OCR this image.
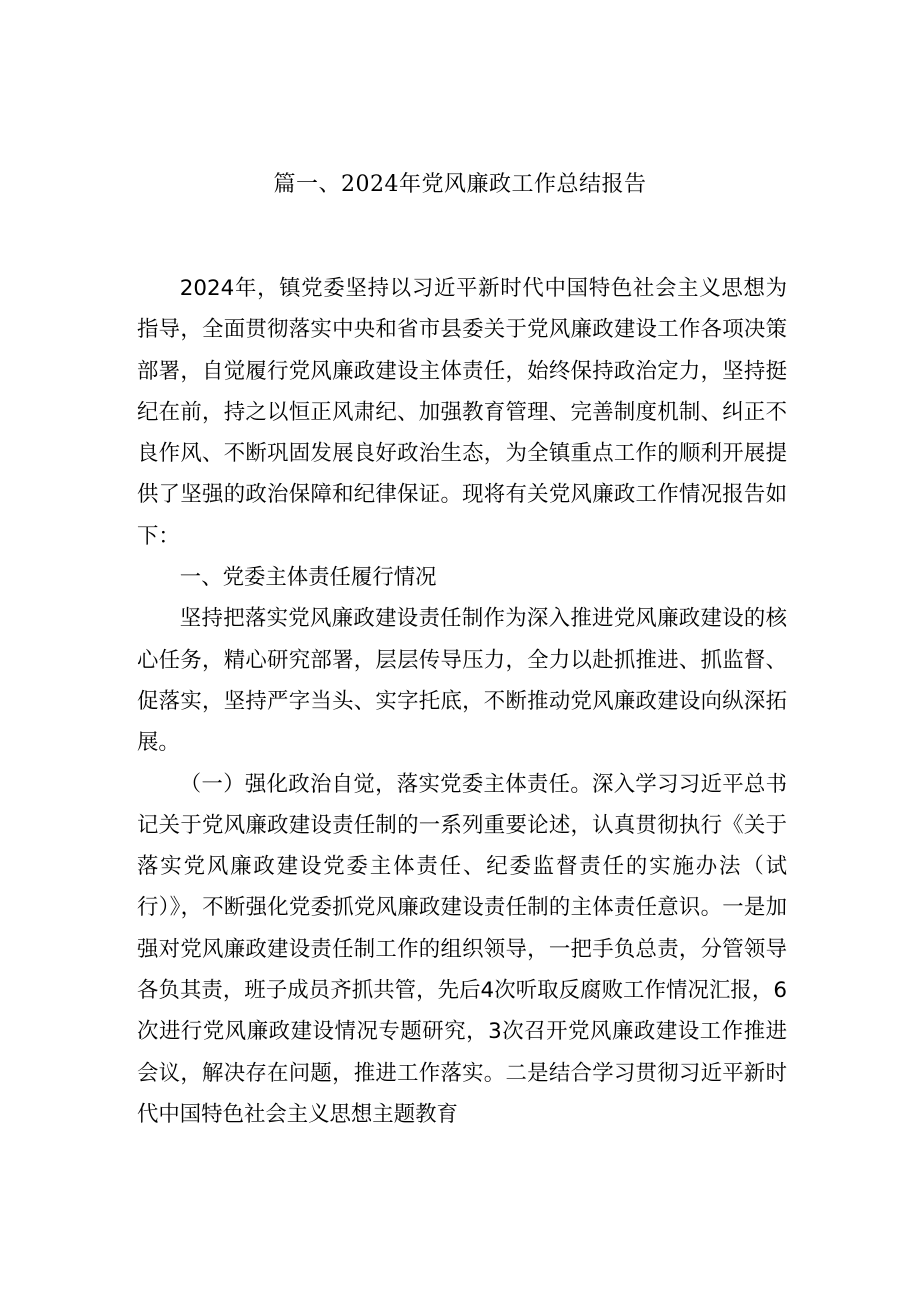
篇一、2024年党风廉政工作总结报告

2024年，镇党委坚持以习近平新时代中国特色社会主义思想为指导，全面贯彻落实中央和省市县委关于党风廉政建设工作各项决策部署，自觉履行党风廉政建设主体责任，始终保持政治定力，坚持挺纪在前，持之以恒正风肃纪、加强教育管理、完善制度机制、纠正不良作风、不断巩固发展良好政治生态，为全镇重点工作的顺利开展提供了坚强的政治保障和纪律保证。现将有关党风廉政工作情况报告如下：

一、党委主体责任履行情况

坚持把落实党风廉政建设责任制作为深入推进党风廉政建设的核心任务，精心研究部署，层层传导压力，全力以赴抓推进、抓监督、促落实，坚持严字当头、实字托底，不断推动党风廉政建设向纵深拓展。

（一）强化政治自觉，落实党委主体责任。深入学习习近平总书记关于党风廉政建设责任制的一系列重要论述，认真贯彻执行《关于落实党风廉政建设党委主体责任、纪委监督责任的实施办法（试行）》，不断强化党委抓党风廉政建设责任制的主体责任意识。一是加强对党风廉政建设责任制工作的组织领导，一把手负总责，分管领导各负其责，班子成员齐抓共管，先后4次听取反腐败工作情况汇报，6次进行党风廉政建设情况专题研究，3次召开党风廉政建设工作推进会议，解决存在问题，推进工作落实。二是结合学习贯彻习近平新时代中国特色社会主义思想主题教育
